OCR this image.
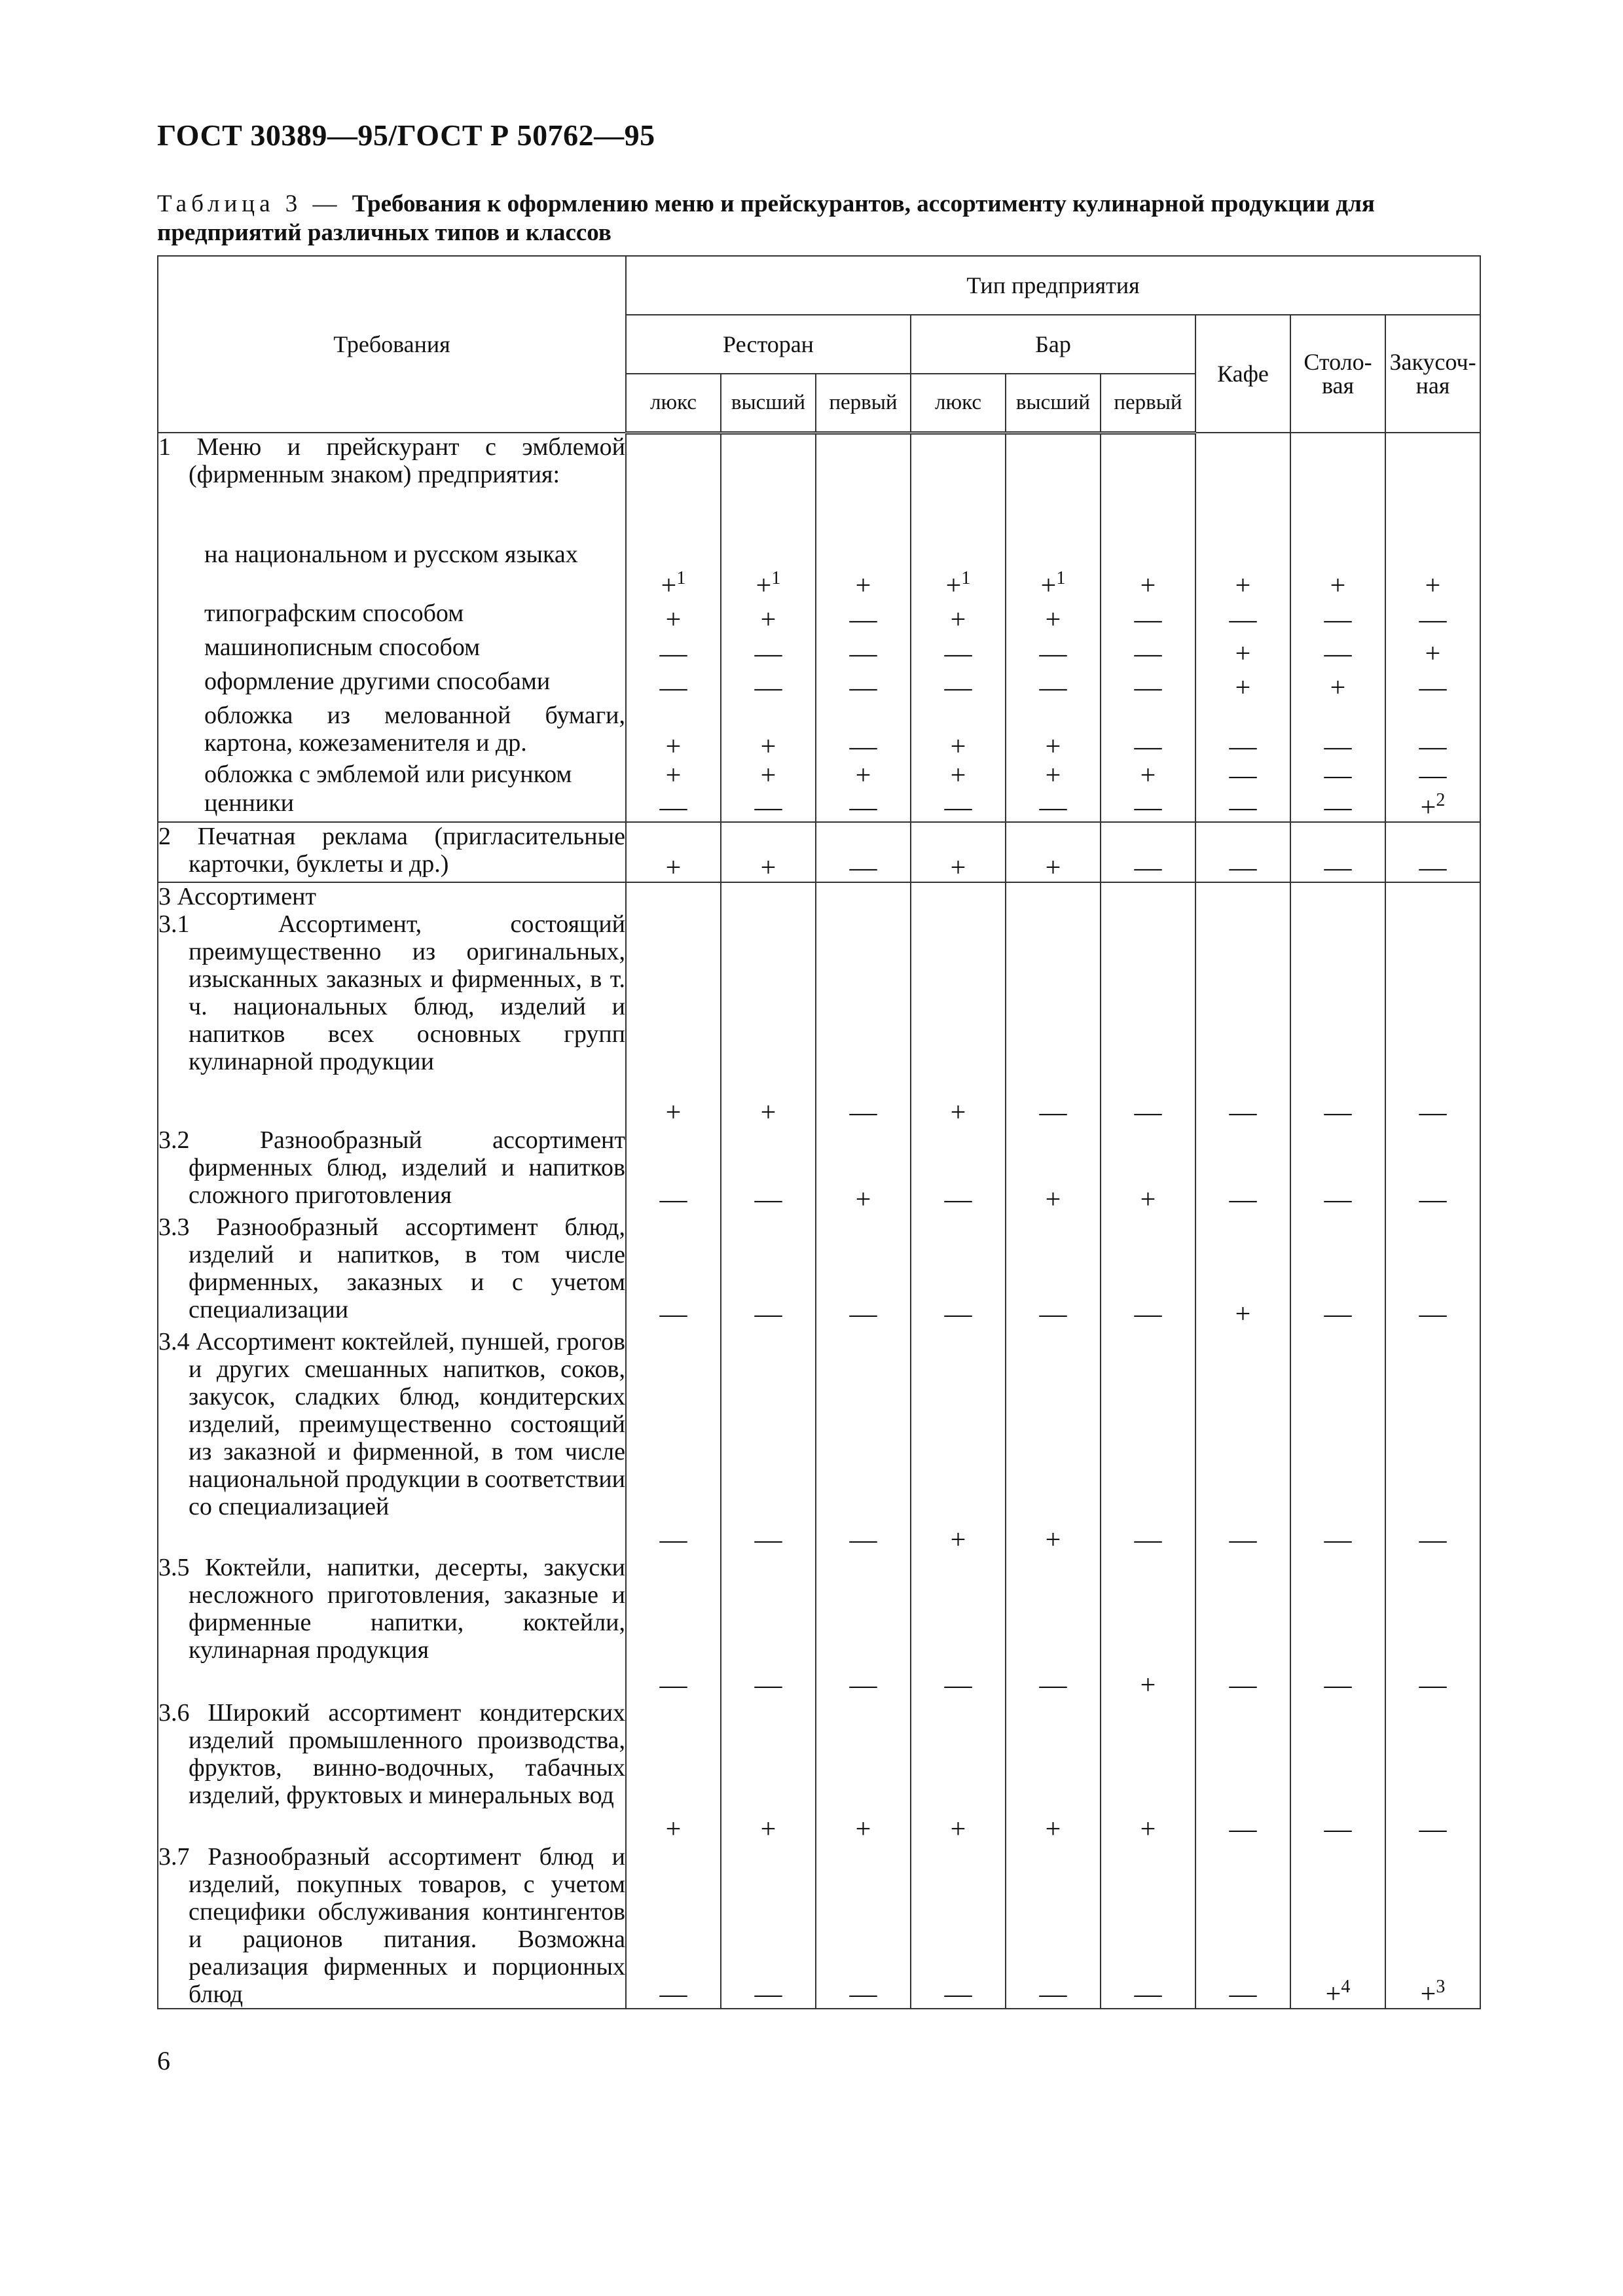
ГОСТ 30389—95/ГОСТ Р 50762—95
Таблица 3 — Требования к оформлению меню и прейскурантов, ассортименту кулинарной продукции для предприятий различных типов и классов
Требования	Тип предприятия								
	Ресторан			Бар			Кафе	Столо-вая	Закусоч-ная
	люкс	высший	первый	люкс	высший	первый			

1 Меню и прейскурант с эмблемой (фирменным знаком) предприятия:									

на национальном и русском языках	+$^1$	+$^1$	+	+$^1$	+$^1$	+	+	+	+

типографским способом	+	+	—	+	+	—	—	—	—

машинописным способом	—	—	—	—	—	—	+	—	+

оформление другими способами	—	—	—	—	—	—	+	+	—

обложка из мелованной бумаги, картона, кожезаменителя и др.	+	+	—	+	+	—	—	—	—

обложка с эмблемой или рисунком	+	+	+	+	+	+	—	—	—

ценники	—	—	—	—	—	—	—	—	+$^2$

2 Печатная реклама (пригласительные карточки, буклеты и др.)	+	+	—	+	+	—	—	—	—

3 Ассортимент									

3.1 Ассортимент, состоящий преимущественно из оригинальных, изысканных заказных и фирменных, в т. ч. национальных блюд, изделий и напитков всех основных групп кулинарной продукции	+	+	—	+	—	—	—	—	—

3.2 Разнообразный ассортимент фирменных блюд, изделий и напитков сложного приготовления	—	—	+	—	+	+	—	—	—

3.3 Разнообразный ассортимент блюд, изделий и напитков, в том числе фирменных, заказных и с учетом специализации	—	—	—	—	—	—	+	—	—

3.4 Ассортимент коктейлей, пуншей, грогов и других смешанных напитков, соков, закусок, сладких блюд, кондитерских изделий, преимущественно состоящий из заказной и фирменной, в том числе национальной продукции в соответствии со специализацией	—	—	—	+	+	—	—	—	—

3.5 Коктейли, напитки, десерты, закуски несложного приготовления, заказные и фирменные напитки, коктейли, кулинарная продукция	—	—	—	—	—	+	—	—	—

3.6 Широкий ассортимент кондитерских изделий промышленного производства, фруктов, винно-водочных, табачных изделий, фруктовых и минеральных вод	+	+	+	+	+	+	—	—	—

3.7 Разнообразный ассортимент блюд и изделий, покупных товаров, с учетом специфики обслуживания контингентов и рационов питания. Возможна реализация фирменных и порционных блюд	—	—	—	—	—	—	—	+$^4$	+$^3$
6
